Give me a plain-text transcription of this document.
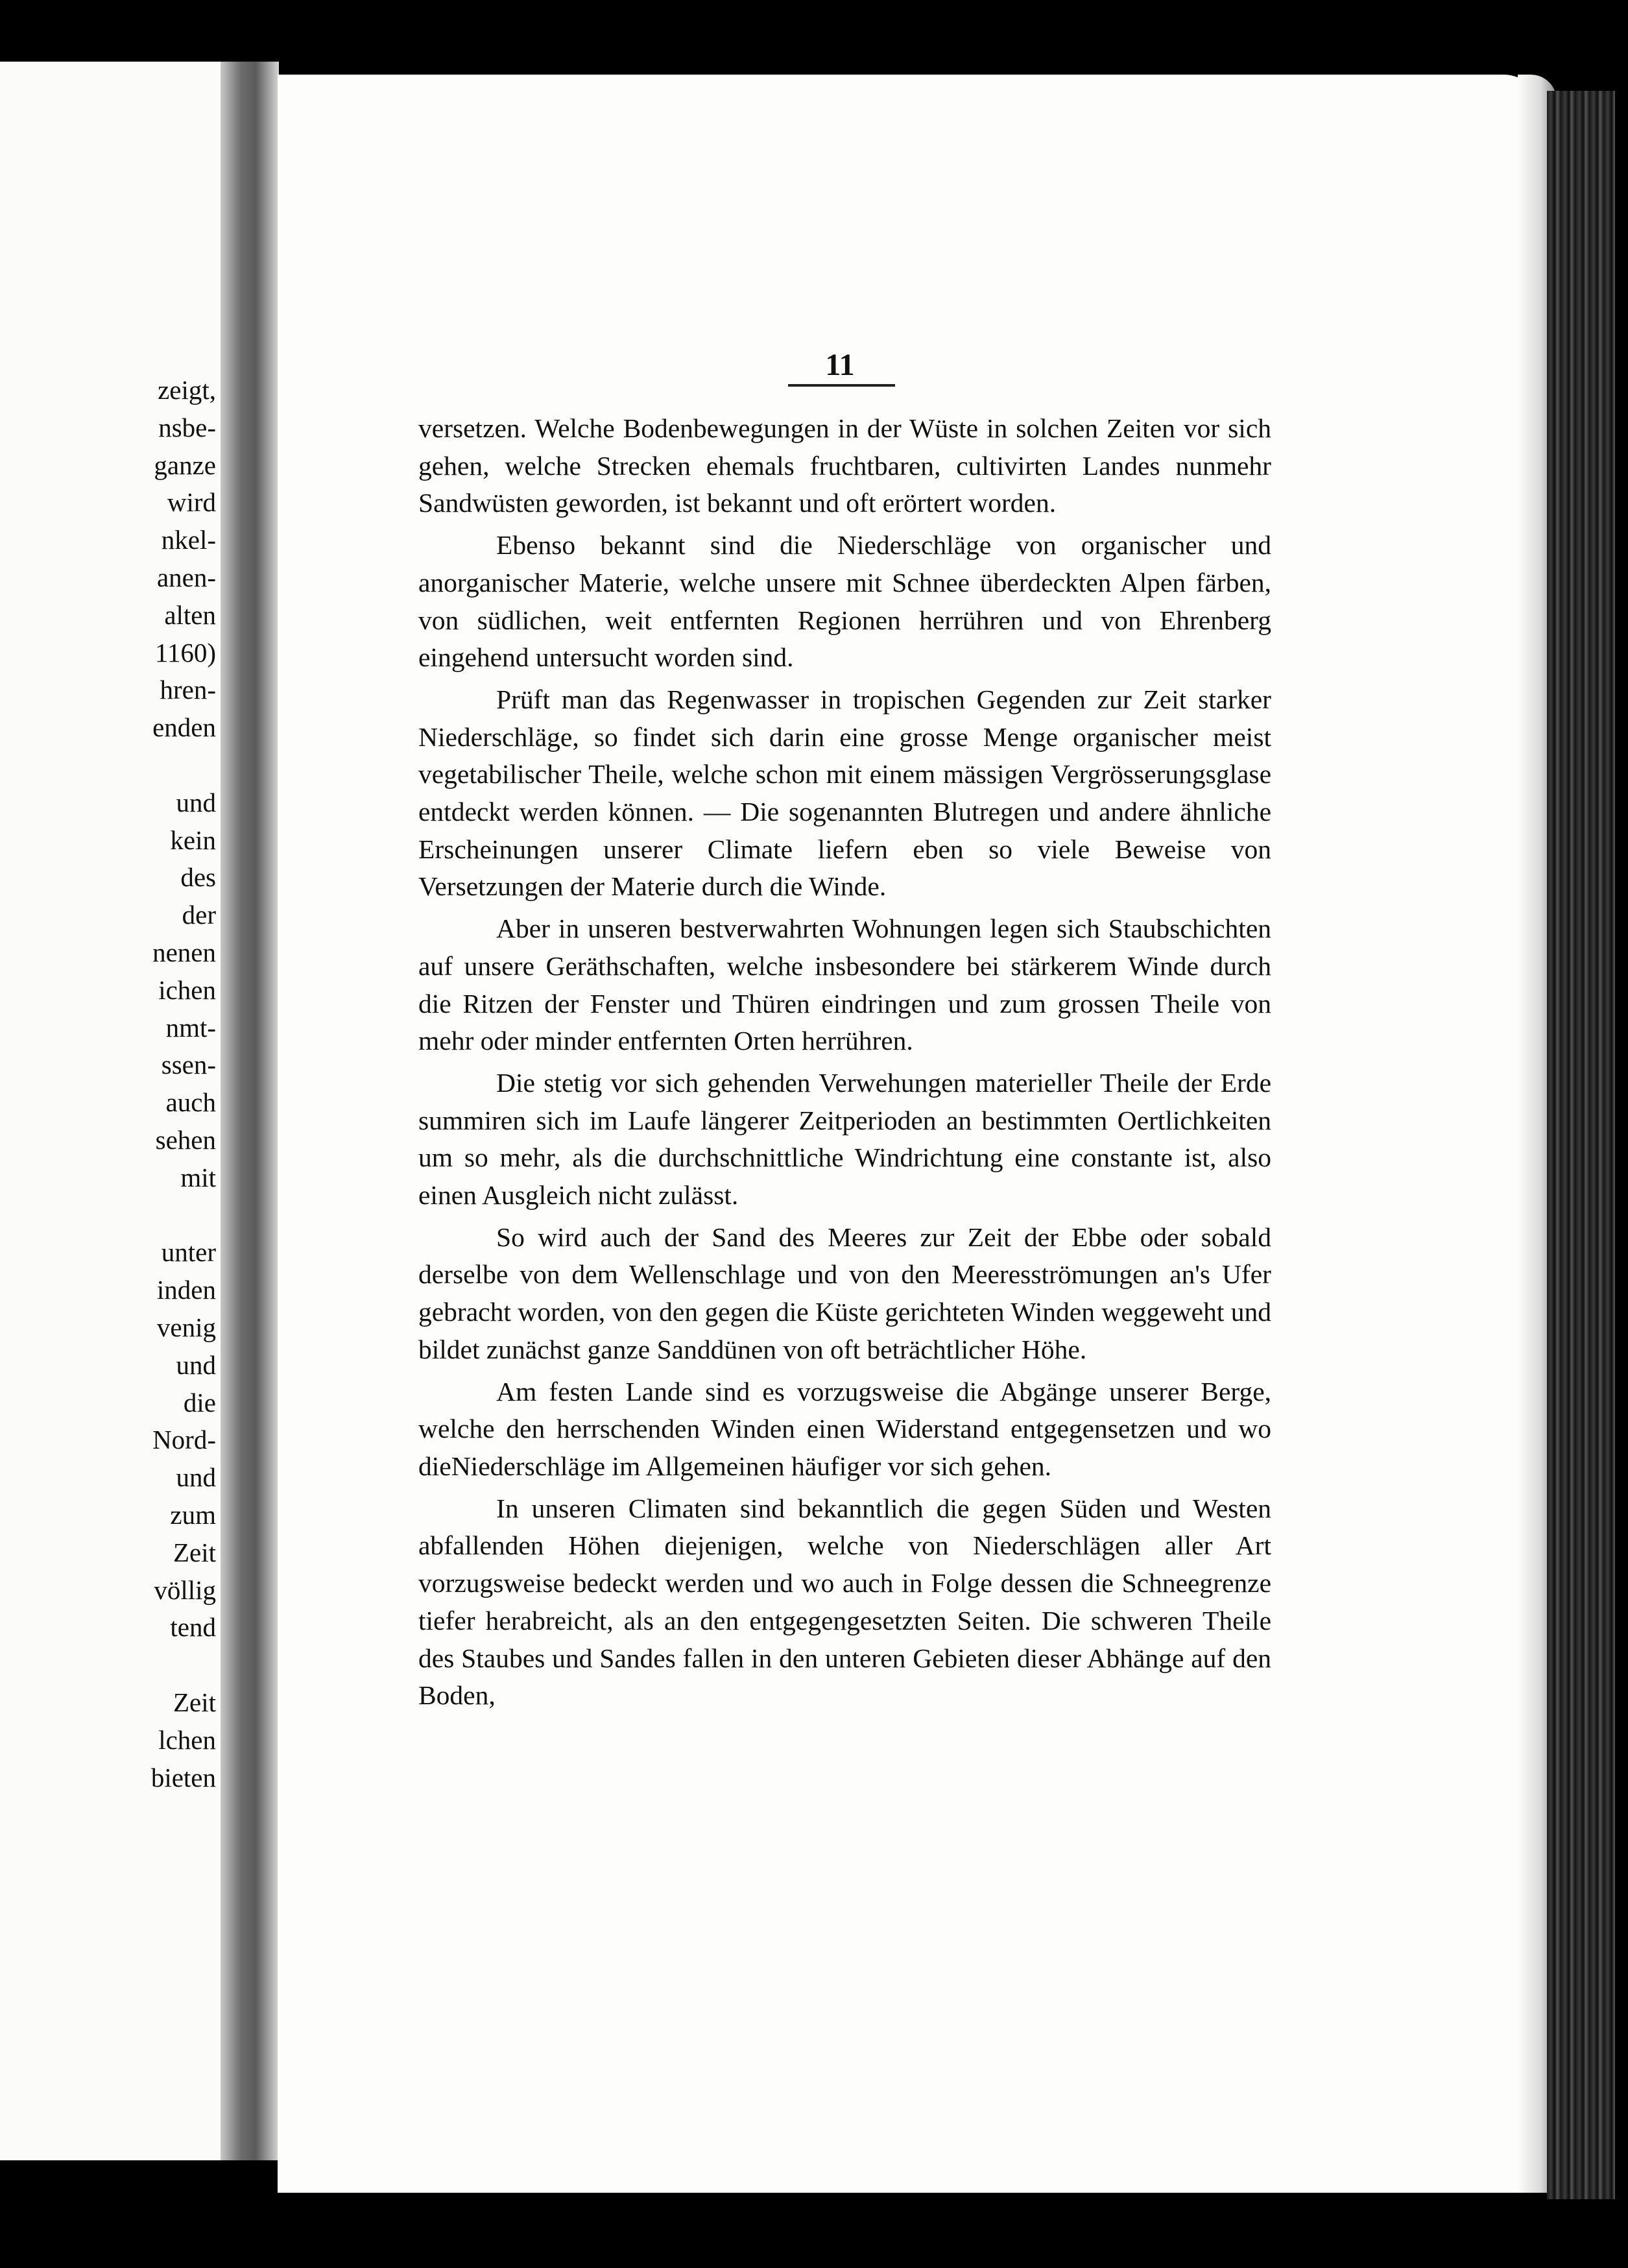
zeigt,
nsbe-
ganze
wird
nkel-
anen-
alten
1160)
hren-
enden
und
kein
des
der
nenen
ichen
nmt-
ssen-
auch
sehen
mit
unter
inden
venig
und
die
Nord-
und
zum
Zeit
völlig
tend
Zeit
lchen
bieten
11

versetzen. Welche Bodenbewegungen in der Wüste in solchen Zeiten vor sich gehen, welche Strecken ehemals fruchtbaren, cultivirten Landes nunmehr Sandwüsten geworden, ist bekannt und oft erörtert worden.

Ebenso bekannt sind die Niederschläge von organischer und anorganischer Materie, welche unsere mit Schnee überdeckten Alpen färben, von südlichen, weit entfernten Regionen herrühren und von Ehrenberg eingehend untersucht worden sind.

Prüft man das Regenwasser in tropischen Gegenden zur Zeit starker Niederschläge, so findet sich darin eine grosse Menge organischer meist vegetabilischer Theile, welche schon mit einem mässigen Vergrösserungsglase entdeckt werden können. — Die sogenannten Blutregen und andere ähnliche Erscheinungen unserer Climate liefern eben so viele Beweise von Versetzungen der Materie durch die Winde.

Aber in unseren bestverwahrten Wohnungen legen sich Staubschichten auf unsere Geräthschaften, welche insbesondere bei stärkerem Winde durch die Ritzen der Fenster und Thüren eindringen und zum grossen Theile von mehr oder minder entfernten Orten herrühren.

Die stetig vor sich gehenden Verwehungen materieller Theile der Erde summiren sich im Laufe längerer Zeitperioden an bestimmten Oertlichkeiten um so mehr, als die durchschnittliche Windrichtung eine constante ist, also einen Ausgleich nicht zulässt.

So wird auch der Sand des Meeres zur Zeit der Ebbe oder sobald derselbe von dem Wellenschlage und von den Meeresströmungen an's Ufer gebracht worden, von den gegen die Küste gerichteten Winden weggeweht und bildet zunächst ganze Sanddünen von oft beträchtlicher Höhe.

Am festen Lande sind es vorzugsweise die Abgänge unserer Berge, welche den herrschenden Winden einen Widerstand entgegensetzen und wo dieNiederschläge im Allgemeinen häufiger vor sich gehen.

In unseren Climaten sind bekanntlich die gegen Süden und Westen abfallenden Höhen diejenigen, welche von Niederschlägen aller Art vorzugsweise bedeckt werden und wo auch in Folge dessen die Schneegrenze tiefer herabreicht, als an den entgegengesetzten Seiten. Die schweren Theile des Staubes und Sandes fallen in den unteren Gebieten dieser Abhänge auf den Boden,
